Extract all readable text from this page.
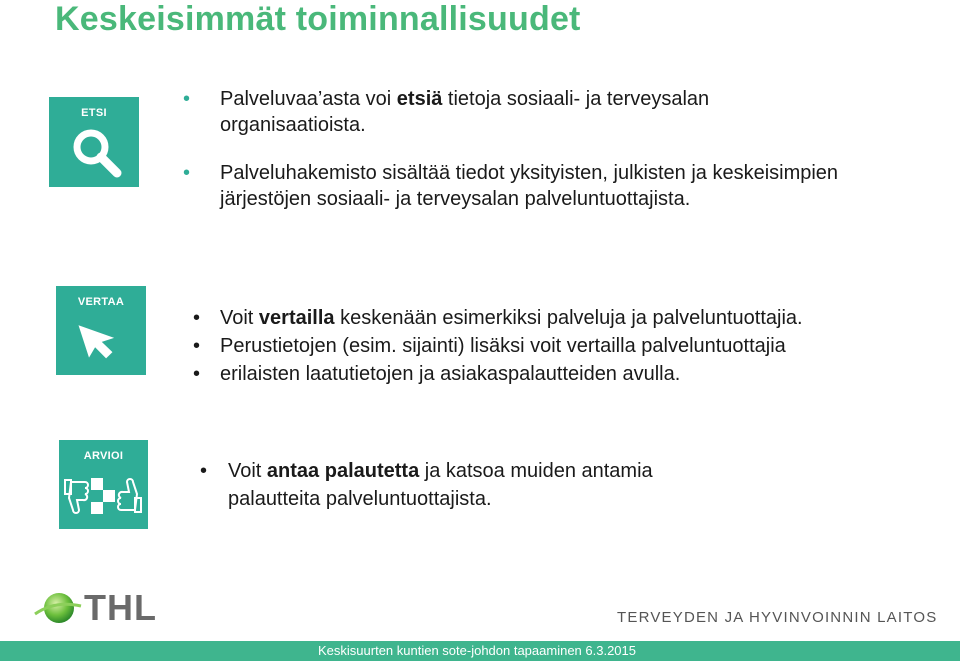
Keskeisimmät toiminnallisuudet
ETSI
• Palveluvaa’asta voi etsiä tietoja sosiaali- ja terveysalan organisaatioista.
• Palveluhakemisto sisältää tiedot yksityisten, julkisten ja keskeisimpien järjestöjen sosiaali- ja terveysalan palveluntuottajista.
VERTAA
• Voit vertailla keskenään esimerkiksi palveluja ja palveluntuottajia.
• Perustietojen (esim. sijainti) lisäksi voit vertailla palveluntuottajia
• erilaisten laatutietojen ja asiakaspalautteiden avulla.
ARVIOI
• Voit antaa palautetta ja katsoa muiden antamia palautteita palveluntuottajista.
THL	TERVEYDEN JA HYVINVOINNIN LAITOS
Keskisuurten kuntien sote-johdon tapaaminen 6.3.2015
